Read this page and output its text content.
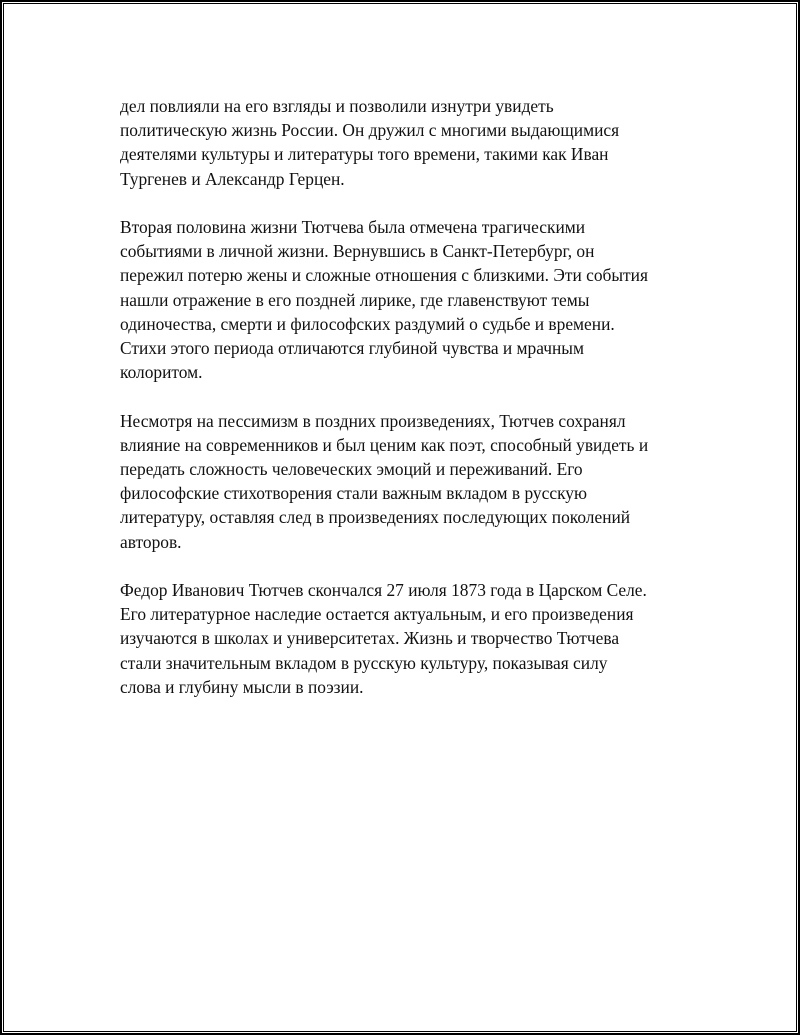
дел повлияли на его взгляды и позволили изнутри увидеть
политическую жизнь России. Он дружил с многими выдающимися
деятелями культуры и литературы того времени, такими как Иван
Тургенев и Александр Герцен.

Вторая половина жизни Тютчева была отмечена трагическими
событиями в личной жизни. Вернувшись в Санкт-Петербург, он
пережил потерю жены и сложные отношения с близкими. Эти события
нашли отражение в его поздней лирике, где главенствуют темы
одиночества, смерти и философских раздумий о судьбе и времени.
Стихи этого периода отличаются глубиной чувства и мрачным
колоритом.

Несмотря на пессимизм в поздних произведениях, Тютчев сохранял
влияние на современников и был ценим как поэт, способный увидеть и
передать сложность человеческих эмоций и переживаний. Его
философские стихотворения стали важным вкладом в русскую
литературу, оставляя след в произведениях последующих поколений
авторов.

Федор Иванович Тютчев скончался 27 июля 1873 года в Царском Селе.
Его литературное наследие остается актуальным, и его произведения
изучаются в школах и университетах. Жизнь и творчество Тютчева
стали значительным вкладом в русскую культуру, показывая силу
слова и глубину мысли в поэзии.
